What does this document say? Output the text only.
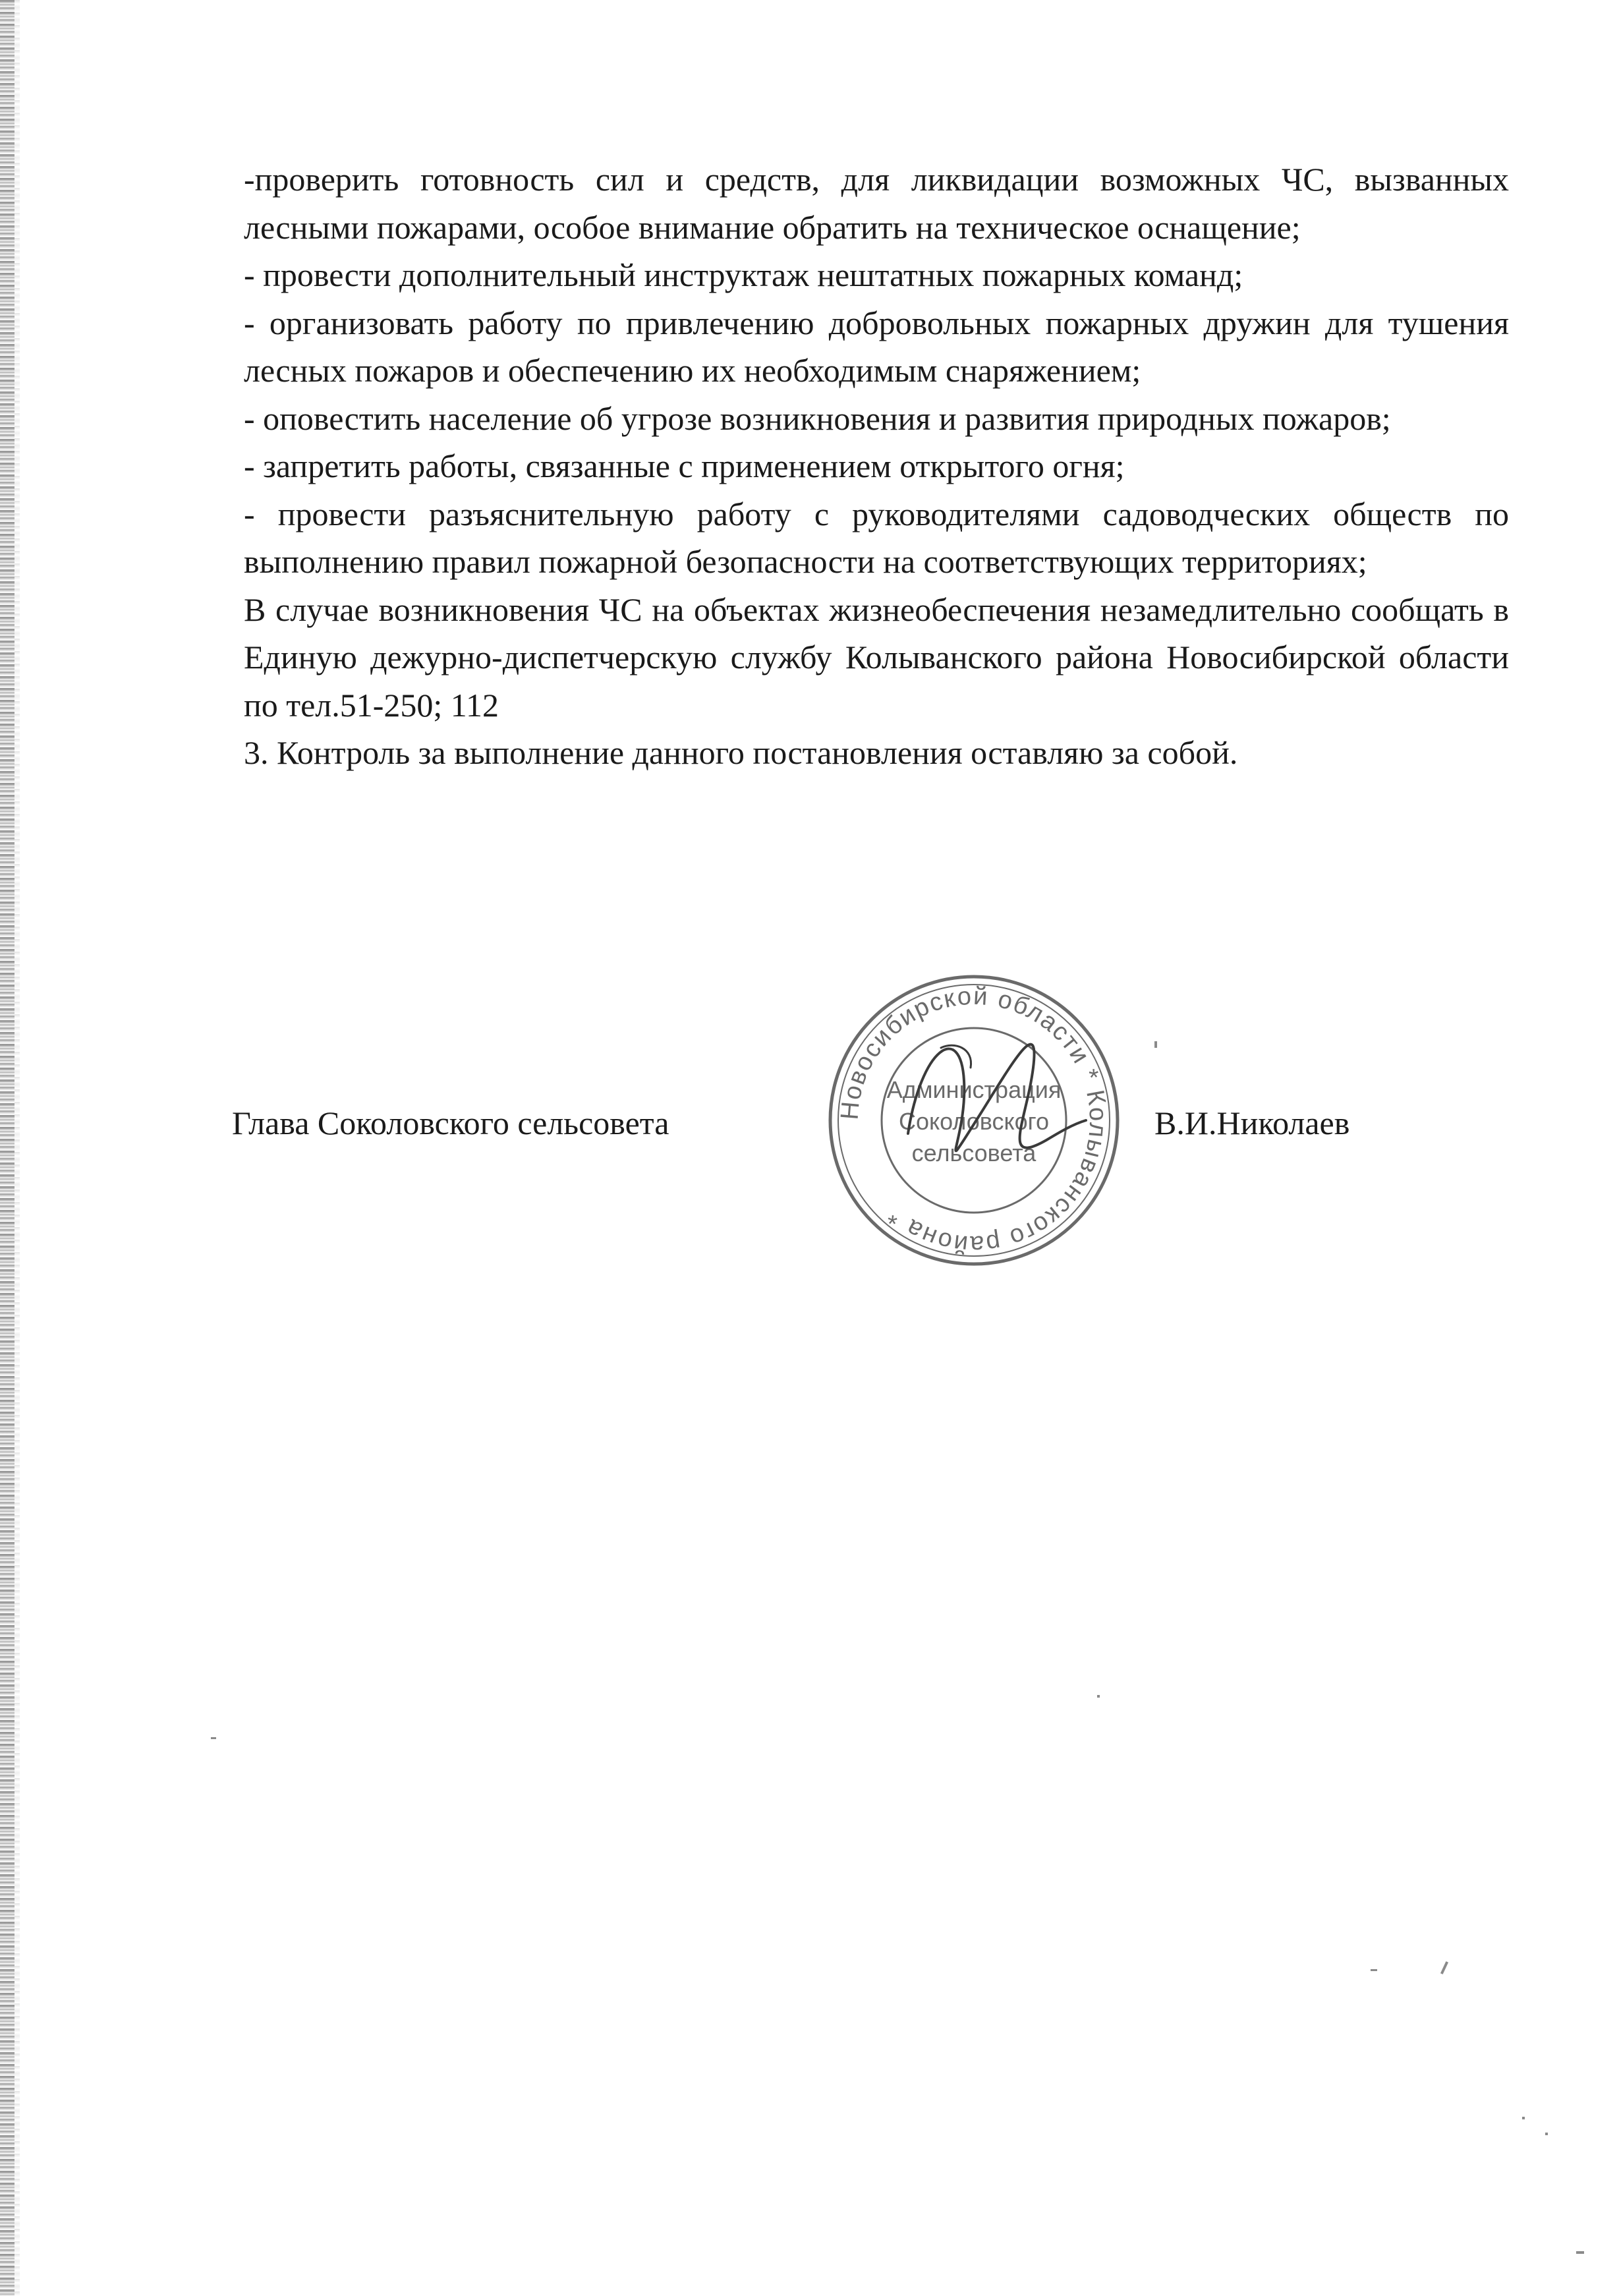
-проверить готовность сил и средств, для ликвидации возможных ЧС, вызванных лесными пожарами, особое внимание обратить на техническое оснащение;

- провести дополнительный инструктаж нештатных пожарных команд;

- организовать работу по привлечению добровольных пожарных дружин для тушения лесных пожаров и обеспечению их необходимым снаряжением;

- оповестить население об угрозе возникновения и развития природных пожаров;

- запретить работы, связанные с применением открытого огня;

- провести разъяснительную работу с руководителями садоводческих обществ по выполнению правил пожарной безопасности на соответствующих территориях;

В случае возникновения ЧС на объектах жизнеобеспечения незамедлительно сообщать в Единую дежурно-диспетчерскую службу Колыванского района Новосибирской области по тел.51-250; 112

3. Контроль за выполнение данного постановления оставляю за собой.

Глава Соколовского сельсовета	В.И.Николаев
Новосибирской области * Колыванского района *
Администрация
Соколовского
сельсовета
